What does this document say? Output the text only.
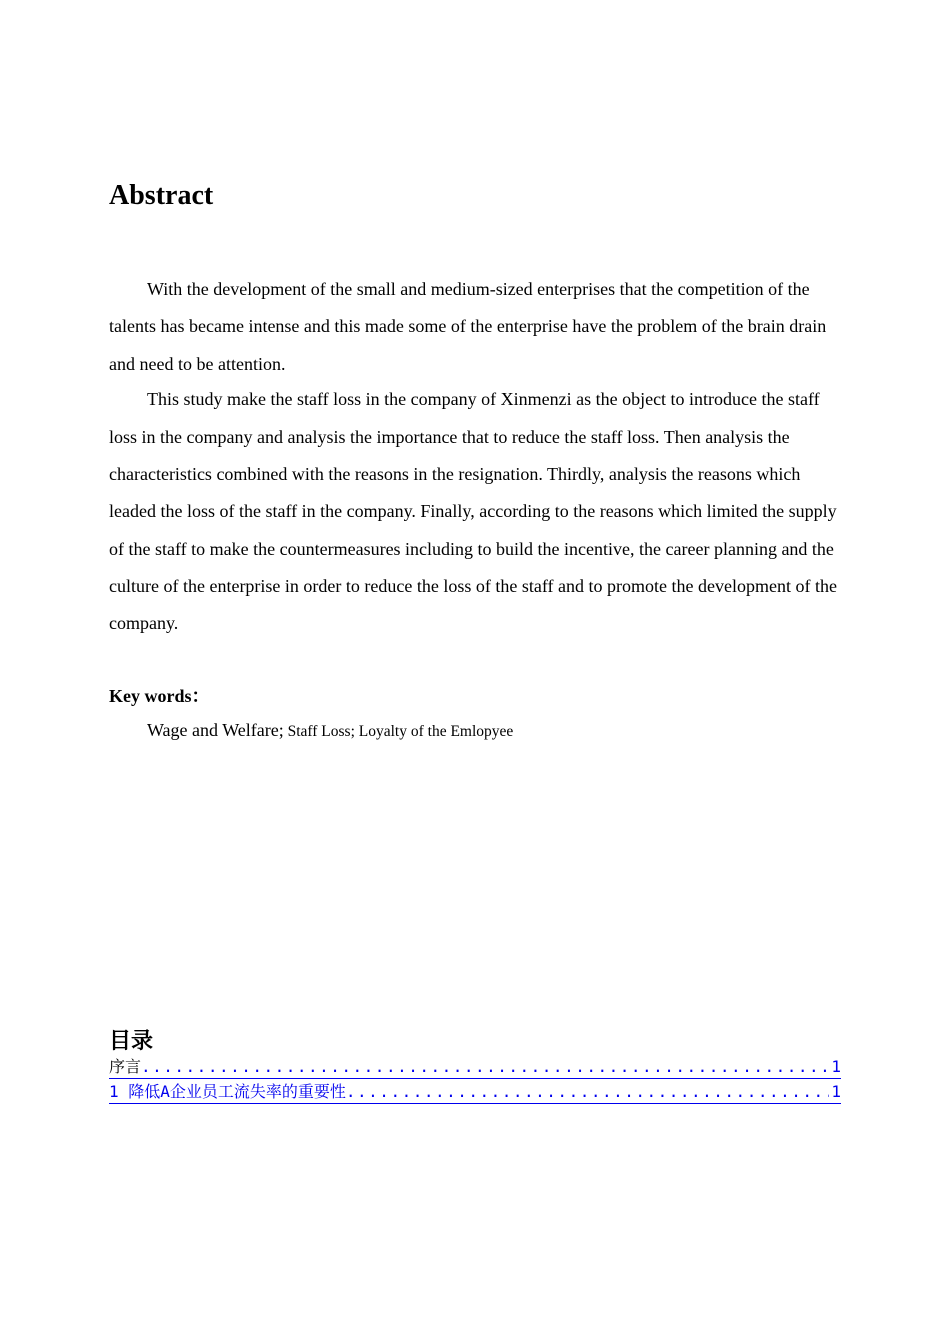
Abstract

With the development of the small and medium-sized enterprises that the competition of the talents has became intense and this made some of the enterprise have the problem of the brain drain and need to be attention.

This study make the staff loss in the company of Xinmenzi as the object to introduce the staff loss in the company and analysis the importance that to reduce the staff loss. Then analysis the characteristics combined with the reasons in the resignation. Thirdly, analysis the reasons which leaded the loss of the staff in the company. Finally, according to the reasons which limited the supply of the staff to make the countermeasures including to build the incentive, the career planning and the culture of the enterprise in order to reduce the loss of the staff and to promote the development of the company.

Key words：
Wage and Welfare; Staff Loss; Loyalty of the Emlopyee
目录
序言 .....	1
1 降低A企业员工流失率的重要性 .....	1
